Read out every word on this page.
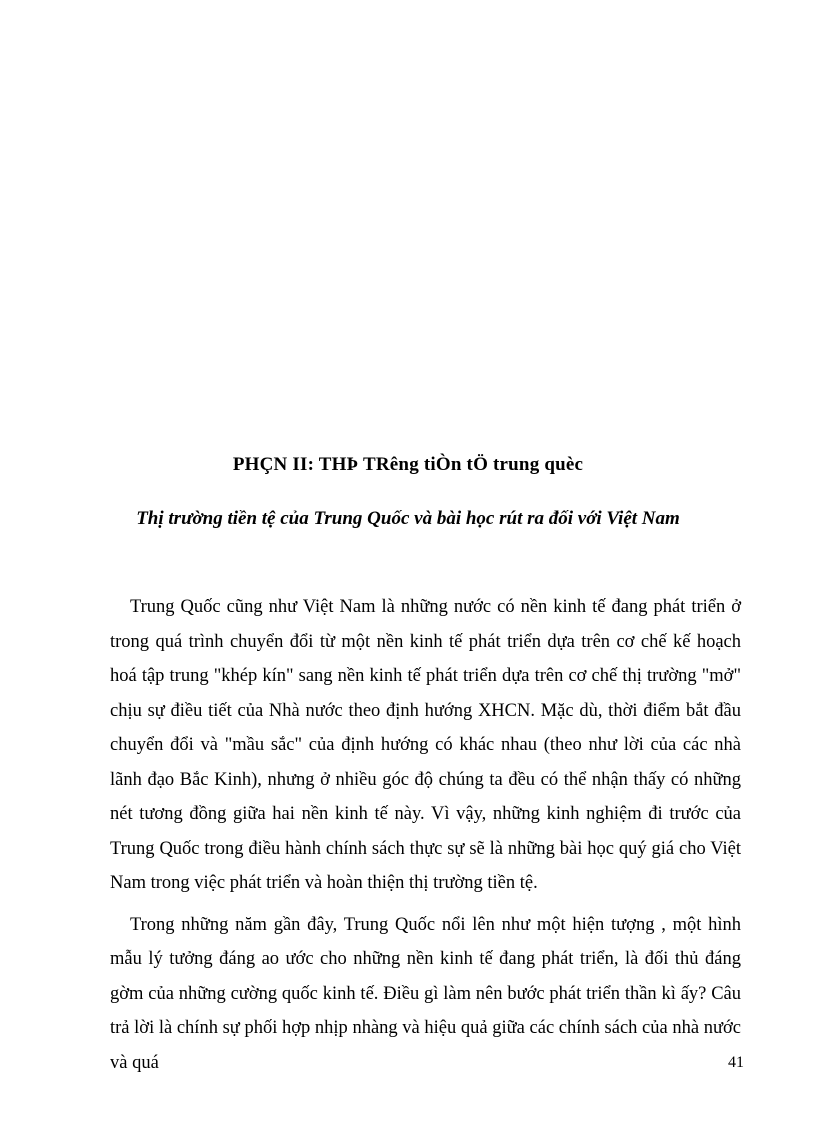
PHÇN II: THÞ TRêng tiÒn tÖ trung quèc
Thị trường tiền tệ của Trung Quốc và bài học rút ra đối với Việt Nam

Trung Quốc cũng như Việt Nam là những nước có nền kinh tế đang phát triển ở trong quá trình chuyển đổi từ một nền kinh tế phát triển dựa trên cơ chế kế hoạch hoá tập trung "khép kín" sang nền kinh tế phát triển dựa trên cơ chế thị trường "mở" chịu sự điều tiết của Nhà nước theo định hướng XHCN. Mặc dù, thời điểm bắt đầu chuyển đổi và "mầu sắc" của định hướng có khác nhau (theo như lời của các nhà lãnh đạo Bắc Kinh), nhưng ở nhiều góc độ chúng ta đều có thể nhận thấy có những nét tương đồng giữa hai nền kinh tế này. Vì vậy, những kinh nghiệm đi trước của Trung Quốc trong điều hành chính sách thực sự sẽ là những bài học quý giá cho Việt Nam trong việc phát triển và hoàn thiện thị trường tiền tệ.

Trong những năm gần đây, Trung Quốc nổi lên như một hiện tượng , một hình mẫu lý tưởng đáng ao ước cho những nền kinh tế đang phát triển, là đối thủ đáng gờm của những cường quốc kinh tế. Điều gì làm nên bước phát triển thần kì ấy? Câu trả lời là chính sự phối hợp nhịp nhàng và hiệu quả giữa các chính sách của nhà nước và quá	41
